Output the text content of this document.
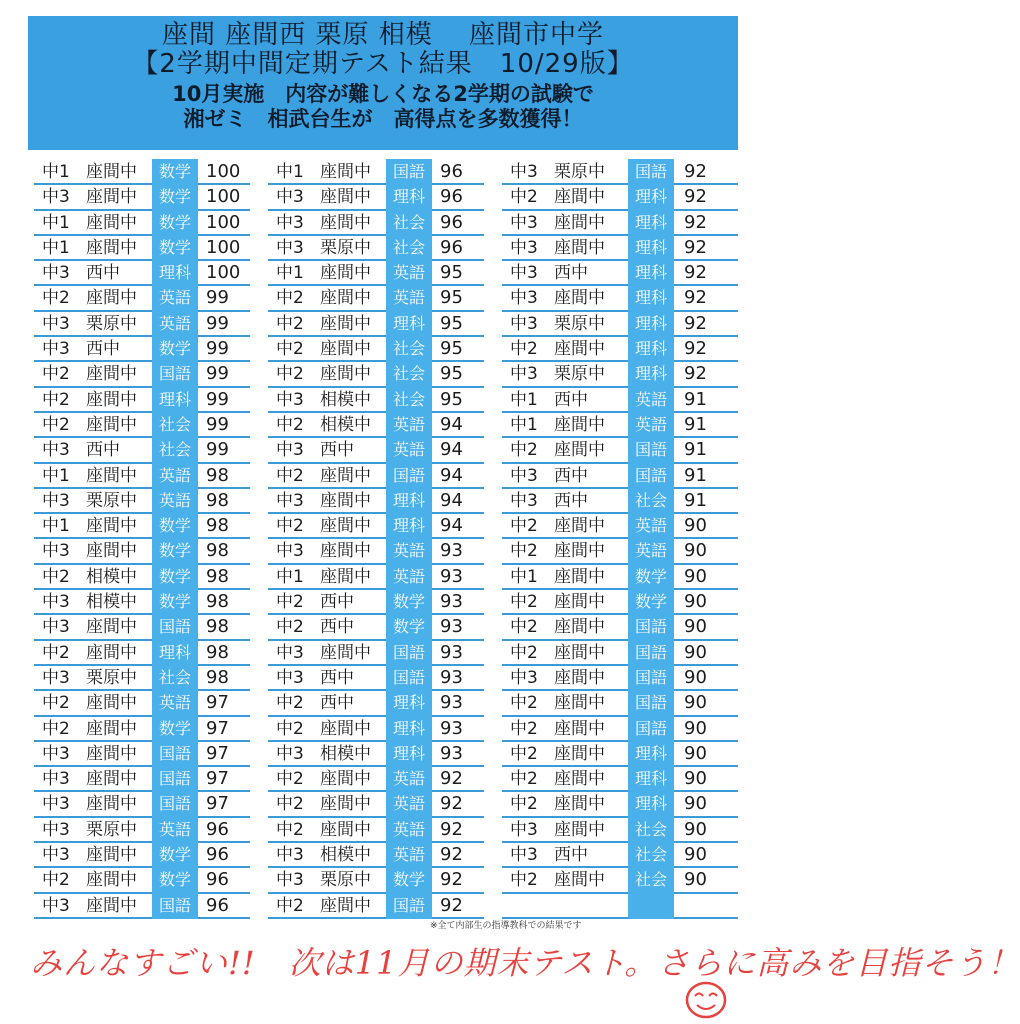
座間 座間西 栗原 相模　 座間市中学
【2学期中間定期テスト結果　10/29版】
10月実施　内容が難しくなる2学期の試験で
湘ゼミ　相武台生が　高得点を多数獲得！
中1 座間中	数学 100
中3 座間中	数学 100
中1 座間中	数学 100
中1 座間中	数学 100
中3 西中	理科 100
中2 座間中	英語 99
中3 栗原中	英語 99
中3 西中	数学 99
中2 座間中	国語 99
中2 座間中	理科 99
中2 座間中	社会 99
中3 西中	社会 99
中1 座間中	英語 98
中3 栗原中	英語 98
中1 座間中	数学 98
中3 座間中	数学 98
中2 相模中	数学 98
中3 相模中	数学 98
中3 座間中	国語 98
中2 座間中	理科 98
中3 栗原中	社会 98
中2 座間中	英語 97
中2 座間中	数学 97
中3 座間中	国語 97
中3 座間中	国語 97
中3 座間中	国語 97
中3 栗原中	英語 96
中3 座間中	数学 96
中2 座間中	数学 96
中3 座間中	国語 96
中1 座間中	国語 96
中3 座間中	理科 96
中3 座間中	社会 96
中3 栗原中	社会 96
中1 座間中	英語 95
中2 座間中	英語 95
中2 座間中	理科 95
中2 座間中	社会 95
中2 座間中	社会 95
中3 相模中	社会 95
中2 相模中	英語 94
中3 西中	英語 94
中2 座間中	国語 94
中3 座間中	理科 94
中2 座間中	理科 94
中3 座間中	英語 93
中1 座間中	英語 93
中2 西中	数学 93
中2 西中	数学 93
中3 座間中	国語 93
中3 西中	国語 93
中2 西中	理科 93
中2 座間中	理科 93
中3 相模中	理科 93
中2 座間中	英語 92
中2 座間中	英語 92
中2 座間中	英語 92
中3 相模中	英語 92
中3 栗原中	数学 92
中2 座間中	国語 92
中3 栗原中	国語 92
中2 座間中	理科 92
中3 座間中	理科 92
中3 座間中	理科 92
中3 西中	理科 92
中3 座間中	理科 92
中3 栗原中	理科 92
中2 座間中	理科 92
中3 栗原中	理科 92
中1 西中	英語 91
中1 座間中	英語 91
中2 座間中	国語 91
中3 西中	国語 91
中3 西中	社会 91
中2 座間中	英語 90
中2 座間中	英語 90
中1 座間中	数学 90
中2 座間中	数学 90
中2 座間中	国語 90
中2 座間中	国語 90
中3 座間中	国語 90
中2 座間中	国語 90
中2 座間中	国語 90
中2 座間中	理科 90
中2 座間中	理科 90
中2 座間中	理科 90
中3 座間中	社会 90
中3 西中	社会 90
中2 座間中	社会 90
※全て内部生の指導教科での結果です
みんなすごい!!　次は11月の期末テスト。さらに高みを目指そう！
